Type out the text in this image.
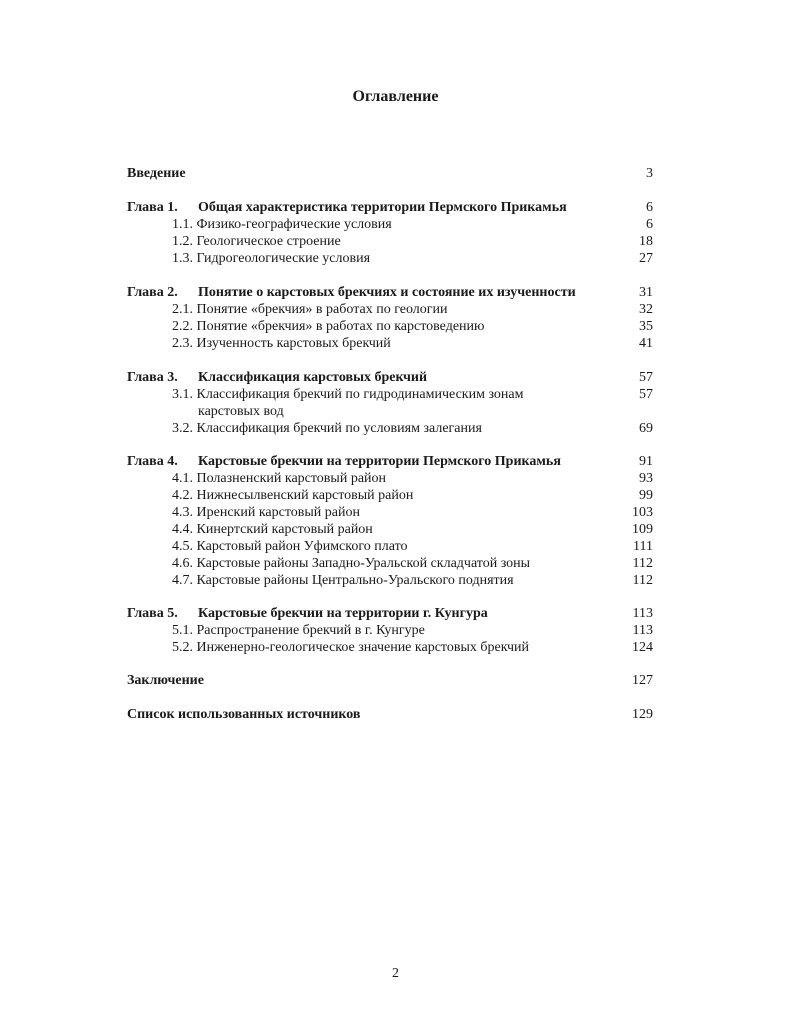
Оглавление
Введение	3
Глава 1. Общая характеристика территории Пермского Прикамья	6
1.1. Физико-географические условия	6
1.2. Геологическое строение	18
1.3. Гидрогеологические условия	27
Глава 2. Понятие о карстовых брекчиях и состояние их изученности	31
2.1. Понятие «брекчия» в работах по геологии	32
2.2. Понятие «брекчия» в работах по карстоведению	35
2.3. Изученность карстовых брекчий	41
Глава 3. Классификация карстовых брекчий	57
3.1. Классификация брекчий по гидродинамическим зонам	57
карстовых вод
3.2. Классификация брекчий по условиям залегания	69
Глава 4. Карстовые брекчии на территории Пермского Прикамья	91
4.1. Полазненский карстовый район	93
4.2. Нижнесылвенский карстовый район	99
4.3. Иренский карстовый район	103
4.4. Кинертский карстовый район	109
4.5. Карстовый район Уфимского плато	111
4.6. Карстовые районы Западно-Уральской складчатой зоны	112
4.7. Карстовые районы Центрально-Уральского поднятия	112
Глава 5. Карстовые брекчии на территории г. Кунгура	113
5.1. Распространение брекчий в г. Кунгуре	113
5.2. Инженерно-геологическое значение карстовых брекчий	124
Заключение	127
Список использованных источников	129
2
